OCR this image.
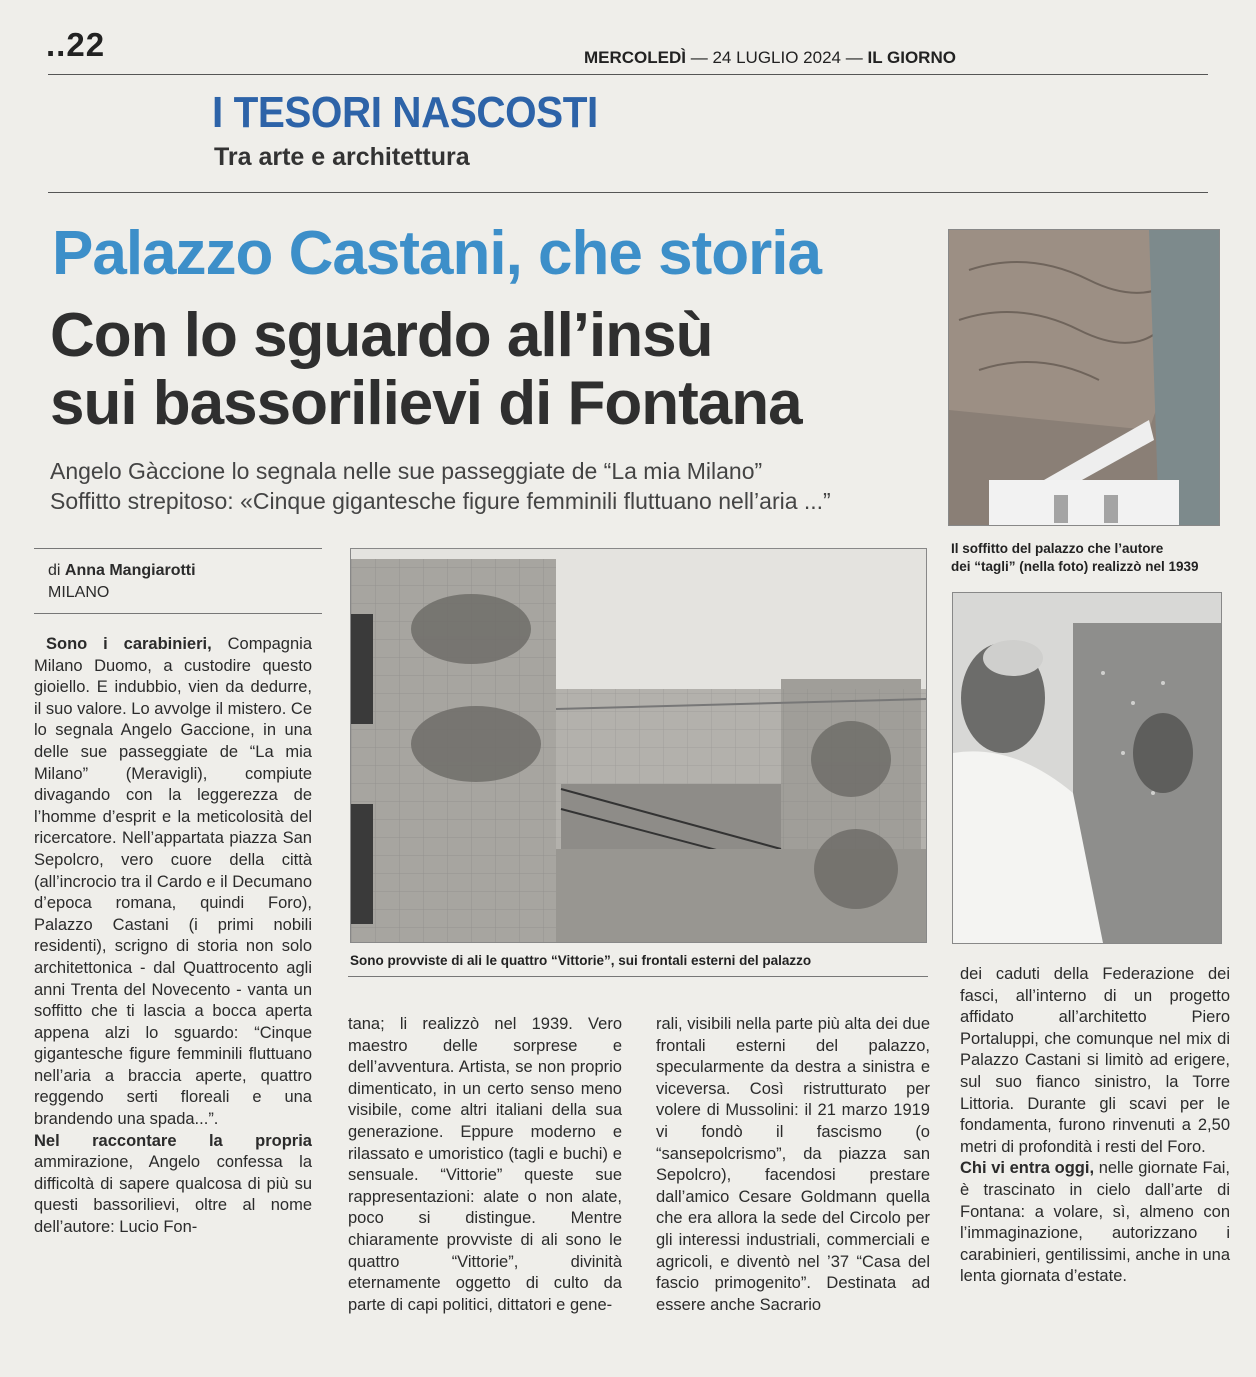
..22	MERCOLEDÌ — 24 LUGLIO 2024 — IL GIORNO
I TESORI NASCOSTI
Tra arte e architettura
Palazzo Castani, che storia
Con lo sguardo all’insù
sui bassorilievi di Fontana
Angelo Gàccione lo segnala nelle sue passeggiate de “La mia Milano”
Soffitto strepitoso: «Cinque gigantesche figure femminili fluttuano nell’aria ...”
di Anna Mangiarotti
MILANO

Sono i carabinieri, Compagnia Milano Duomo, a custodire questo gioiello. E indubbio, vien da dedurre, il suo valore. Lo avvolge il mistero. Ce lo segnala Angelo Gaccione, in una delle sue passeggiate de “La mia Milano” (Meravigli), compiute divagando con la leggerezza de l’homme d’esprit e la meticolosità del ricercatore. Nell’appartata piazza San Sepolcro, vero cuore della città (all’incrocio tra il Cardo e il Decumano d’epoca romana, quindi Foro), Palazzo Castani (i primi nobili residenti), scrigno di storia non solo architettonica - dal Quattrocento agli anni Trenta del Novecento - vanta un soffitto che ti lascia a bocca aperta appena alzi lo sguardo: “Cinque gigantesche figure femminili fluttuano nell’aria a braccia aperte, quattro reggendo serti floreali e una brandendo una spada...”.

Nel raccontare la propria ammirazione, Angelo confessa la difficoltà di sapere qualcosa di più su questi bassorilievi, oltre al nome dell’autore: Lucio Fon-

Sono provviste di ali le quattro “Vittorie”, sui frontali esterni del palazzo
tana; li realizzò nel 1939. Vero maestro delle sorprese e dell’avventura. Artista, se non proprio dimenticato, in un certo senso meno visibile, come altri italiani della sua generazione. Eppure moderno e rilassato e umoristico (tagli e buchi) e sensuale. “Vittorie” queste sue rappresentazioni: alate o non alate, poco si distingue. Mentre chiaramente provviste di ali sono le quattro “Vittorie”, divinità eternamente oggetto di culto da parte di capi politici, dittatori e gene-
rali, visibili nella parte più alta dei due frontali esterni del palazzo, specularmente da destra a sinistra e viceversa. Così ristrutturato per volere di Mussolini: il 21 marzo 1919 vi fondò il fascismo (o “sansepolcrismo”, da piazza san Sepolcro), facendosi prestare dall’amico Cesare Goldmann quella che era allora la sede del Circolo per gli interessi industriali, commerciali e agricoli, e diventò nel ’37 “Casa del fascio primogenito”. Destinata ad essere anche Sacrario
Il soffitto del palazzo che l’autore
dei “tagli” (nella foto) realizzò nel 1939

dei caduti della Federazione dei fasci, all’interno di un progetto affidato all’architetto Piero Portaluppi, che comunque nel mix di Palazzo Castani si limitò ad erigere, sul suo fianco sinistro, la Torre Littoria. Durante gli scavi per le fondamenta, furono rinvenuti a 2,50 metri di profondità i resti del Foro.

Chi vi entra oggi, nelle giornate Fai, è trascinato in cielo dall’arte di Fontana: a volare, sì, almeno con l’immaginazione, autorizzano i carabinieri, gentilissimi, anche in una lenta giornata d’estate.
